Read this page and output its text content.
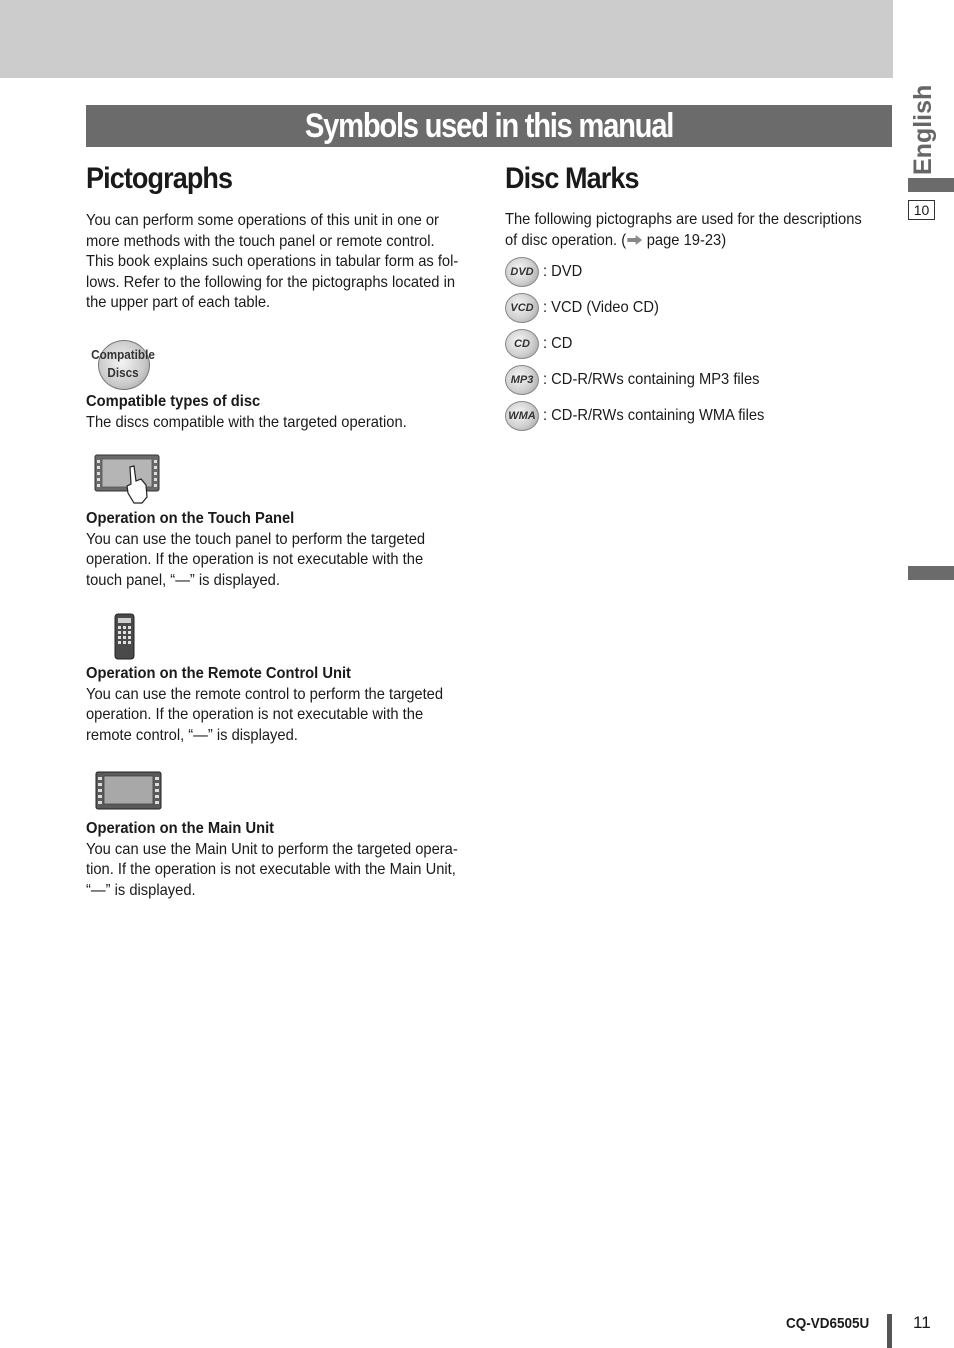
Symbols used in this manual	English
10
Pictographs
You can perform some operations of this unit in one or
more methods with the touch panel or remote control.
This book explains such operations in tabular form as fol-
lows. Refer to the following for the pictographs located in
the upper part of each table.
Compatible
Discs
Compatible types of disc
The discs compatible with the targeted operation.
Operation on the Touch Panel
You can use the touch panel to perform the targeted
operation. If the operation is not executable with the
touch panel, “—” is displayed.
Operation on the Remote Control Unit
You can use the remote control to perform the targeted
operation. If the operation is not executable with the
remote control, “—” is displayed.
Operation on the Main Unit
You can use the Main Unit to perform the targeted opera-
tion. If the operation is not executable with the Main Unit,
“—” is displayed.
Disc Marks
The following pictographs are used for the descriptions
of disc operation. ( page 19-23)
DVD : DVD
VCD : VCD (Video CD)
CD : CD
MP3 : CD-R/RWs containing MP3 files
WMA : CD-R/RWs containing WMA files
CQ-VD6505U	11
